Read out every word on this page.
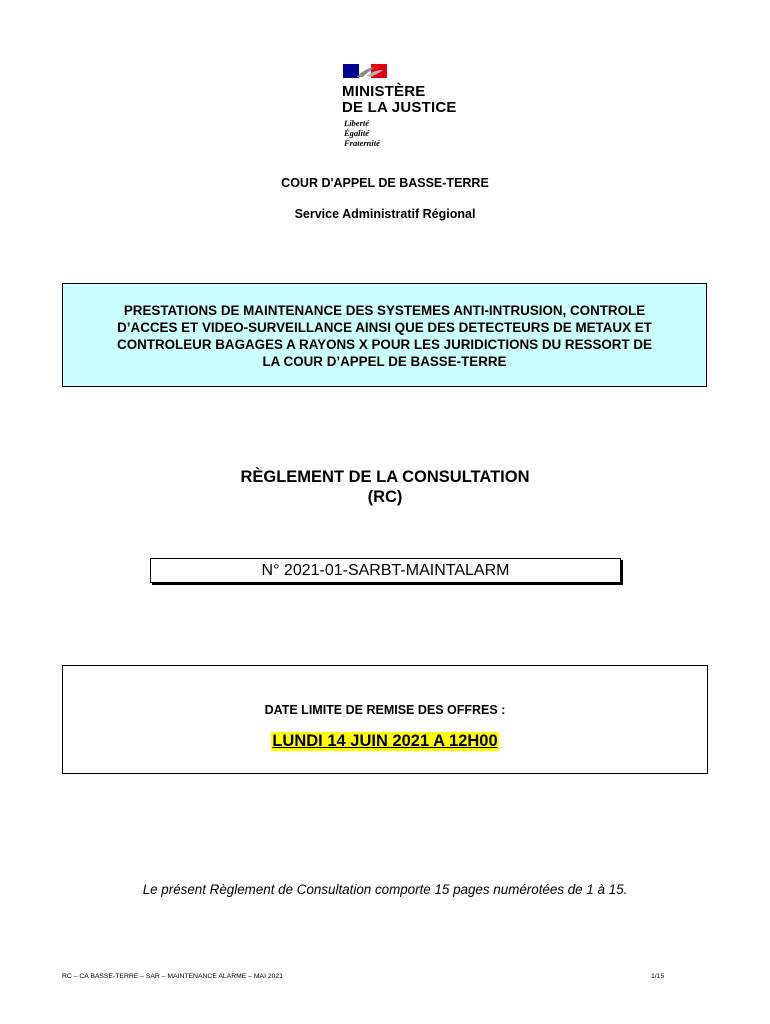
MINISTÈRE
DE LA JUSTICE
Liberté
Égalité
Fraternité
COUR D'APPEL DE BASSE-TERRE
Service Administratif Régional
PRESTATIONS DE MAINTENANCE DES SYSTEMES ANTI-INTRUSION, CONTROLE
D’ACCES ET VIDEO-SURVEILLANCE AINSI QUE DES DETECTEURS DE METAUX ET
CONTROLEUR BAGAGES A RAYONS X POUR LES JURIDICTIONS DU RESSORT DE
LA COUR D’APPEL DE BASSE-TERRE
RÈGLEMENT DE LA CONSULTATION
(RC)
N° 2021-01-SARBT-MAINTALARM
DATE LIMITE DE REMISE DES OFFRES :
LUNDI 14 JUIN 2021 A 12H00
Le présent Règlement de Consultation comporte 15 pages numérotées de 1 à 15.
RC – CA BASSE-TERRE – SAR – MAINTENANCE ALARME – MAI 2021	1/15
